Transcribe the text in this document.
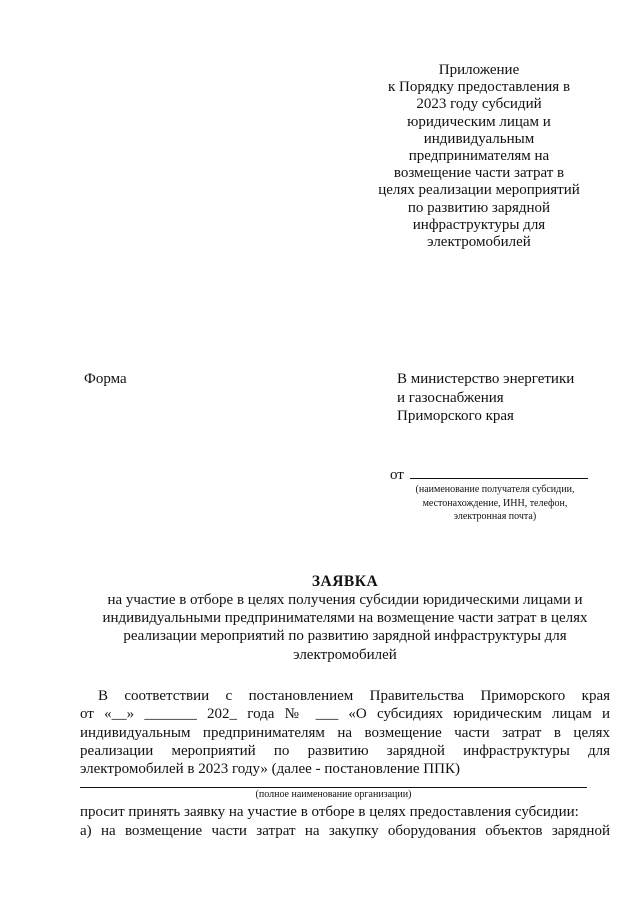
Приложение
к Порядку предоставления в
2023 году субсидий
юридическим лицам и
индивидуальным
предпринимателям на
возмещение части затрат в
целях реализации мероприятий
по развитию зарядной
инфраструктуры для
электромобилей
Форма	В министерство энергетики
и газоснабжения
Приморского края
от
(наименование получателя субсидии,
местонахождение, ИНН, телефон,
электронная почта)
ЗАЯВКА
на участие в отборе в целях получения субсидии юридическими лицами и
индивидуальными предпринимателями на возмещение части затрат в целях
реализации мероприятий по развитию зарядной инфраструктуры для
электромобилей
В соответствии с постановлением Правительства Приморского края
от «__» _______ 202_ года № ___ «О субсидиях юридическим лицам и
индивидуальным предпринимателям на возмещение части затрат в целях
реализации мероприятий по развитию зарядной инфраструктуры для
электромобилей в 2023 году» (далее - постановление ППК)
(полное наименование организации)
просит принять заявку на участие в отборе в целях предоставления субсидии:
а) на возмещение части затрат на закупку оборудования объектов зарядной
